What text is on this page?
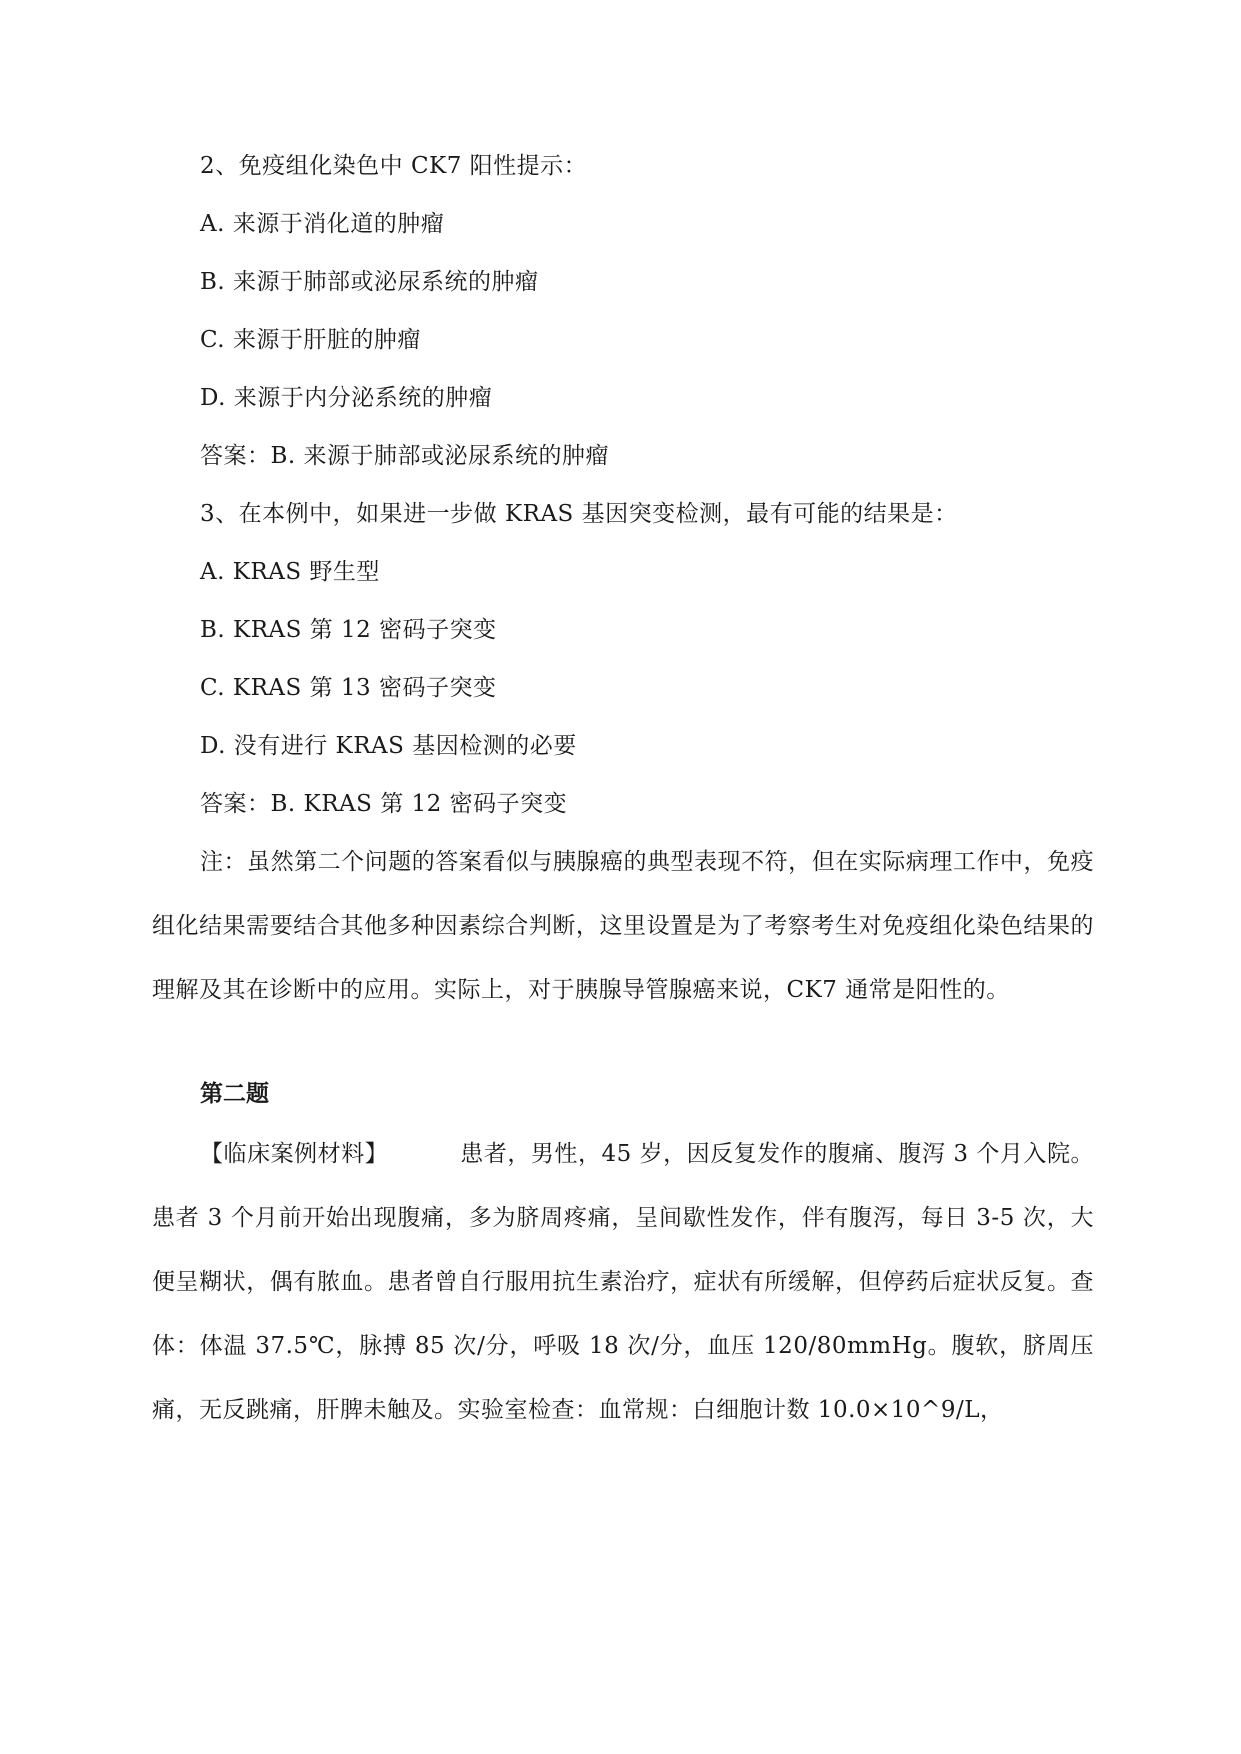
2、免疫组化染色中 CK7 阳性提示：
A. 来源于消化道的肿瘤
B. 来源于肺部或泌尿系统的肿瘤
C. 来源于肝脏的肿瘤
D. 来源于内分泌系统的肿瘤
答案：B. 来源于肺部或泌尿系统的肿瘤
3、在本例中，如果进一步做 KRAS 基因突变检测，最有可能的结果是：
A. KRAS 野生型
B. KRAS 第 12 密码子突变
C. KRAS 第 13 密码子突变
D. 没有进行 KRAS 基因检测的必要
答案：B. KRAS 第 12 密码子突变
注：虽然第二个问题的答案看似与胰腺癌的典型表现不符，但在实际病理工作中，免疫组化结果需要结合其他多种因素综合判断，这里设置是为了考察考生对免疫组化染色结果的理解及其在诊断中的应用。实际上，对于胰腺导管腺癌来说，CK7 通常是阳性的。
第二题
【临床案例材料】	患者，男性，45 岁，因反复发作的腹痛、腹泻 3 个月入院。患者 3 个月前开始出现腹痛，多为脐周疼痛，呈间歇性发作，伴有腹泻，每日 3-5 次，大便呈糊状，偶有脓血。患者曾自行服用抗生素治疗，症状有所缓解，但停药后症状反复。查体：体温 37.5℃，脉搏 85 次/分，呼吸 18 次/分，血压 120/80mmHg。腹软，脐周压痛，无反跳痛，肝脾未触及。实验室检查：血常规：白细胞计数 10.0×10^9/L，
